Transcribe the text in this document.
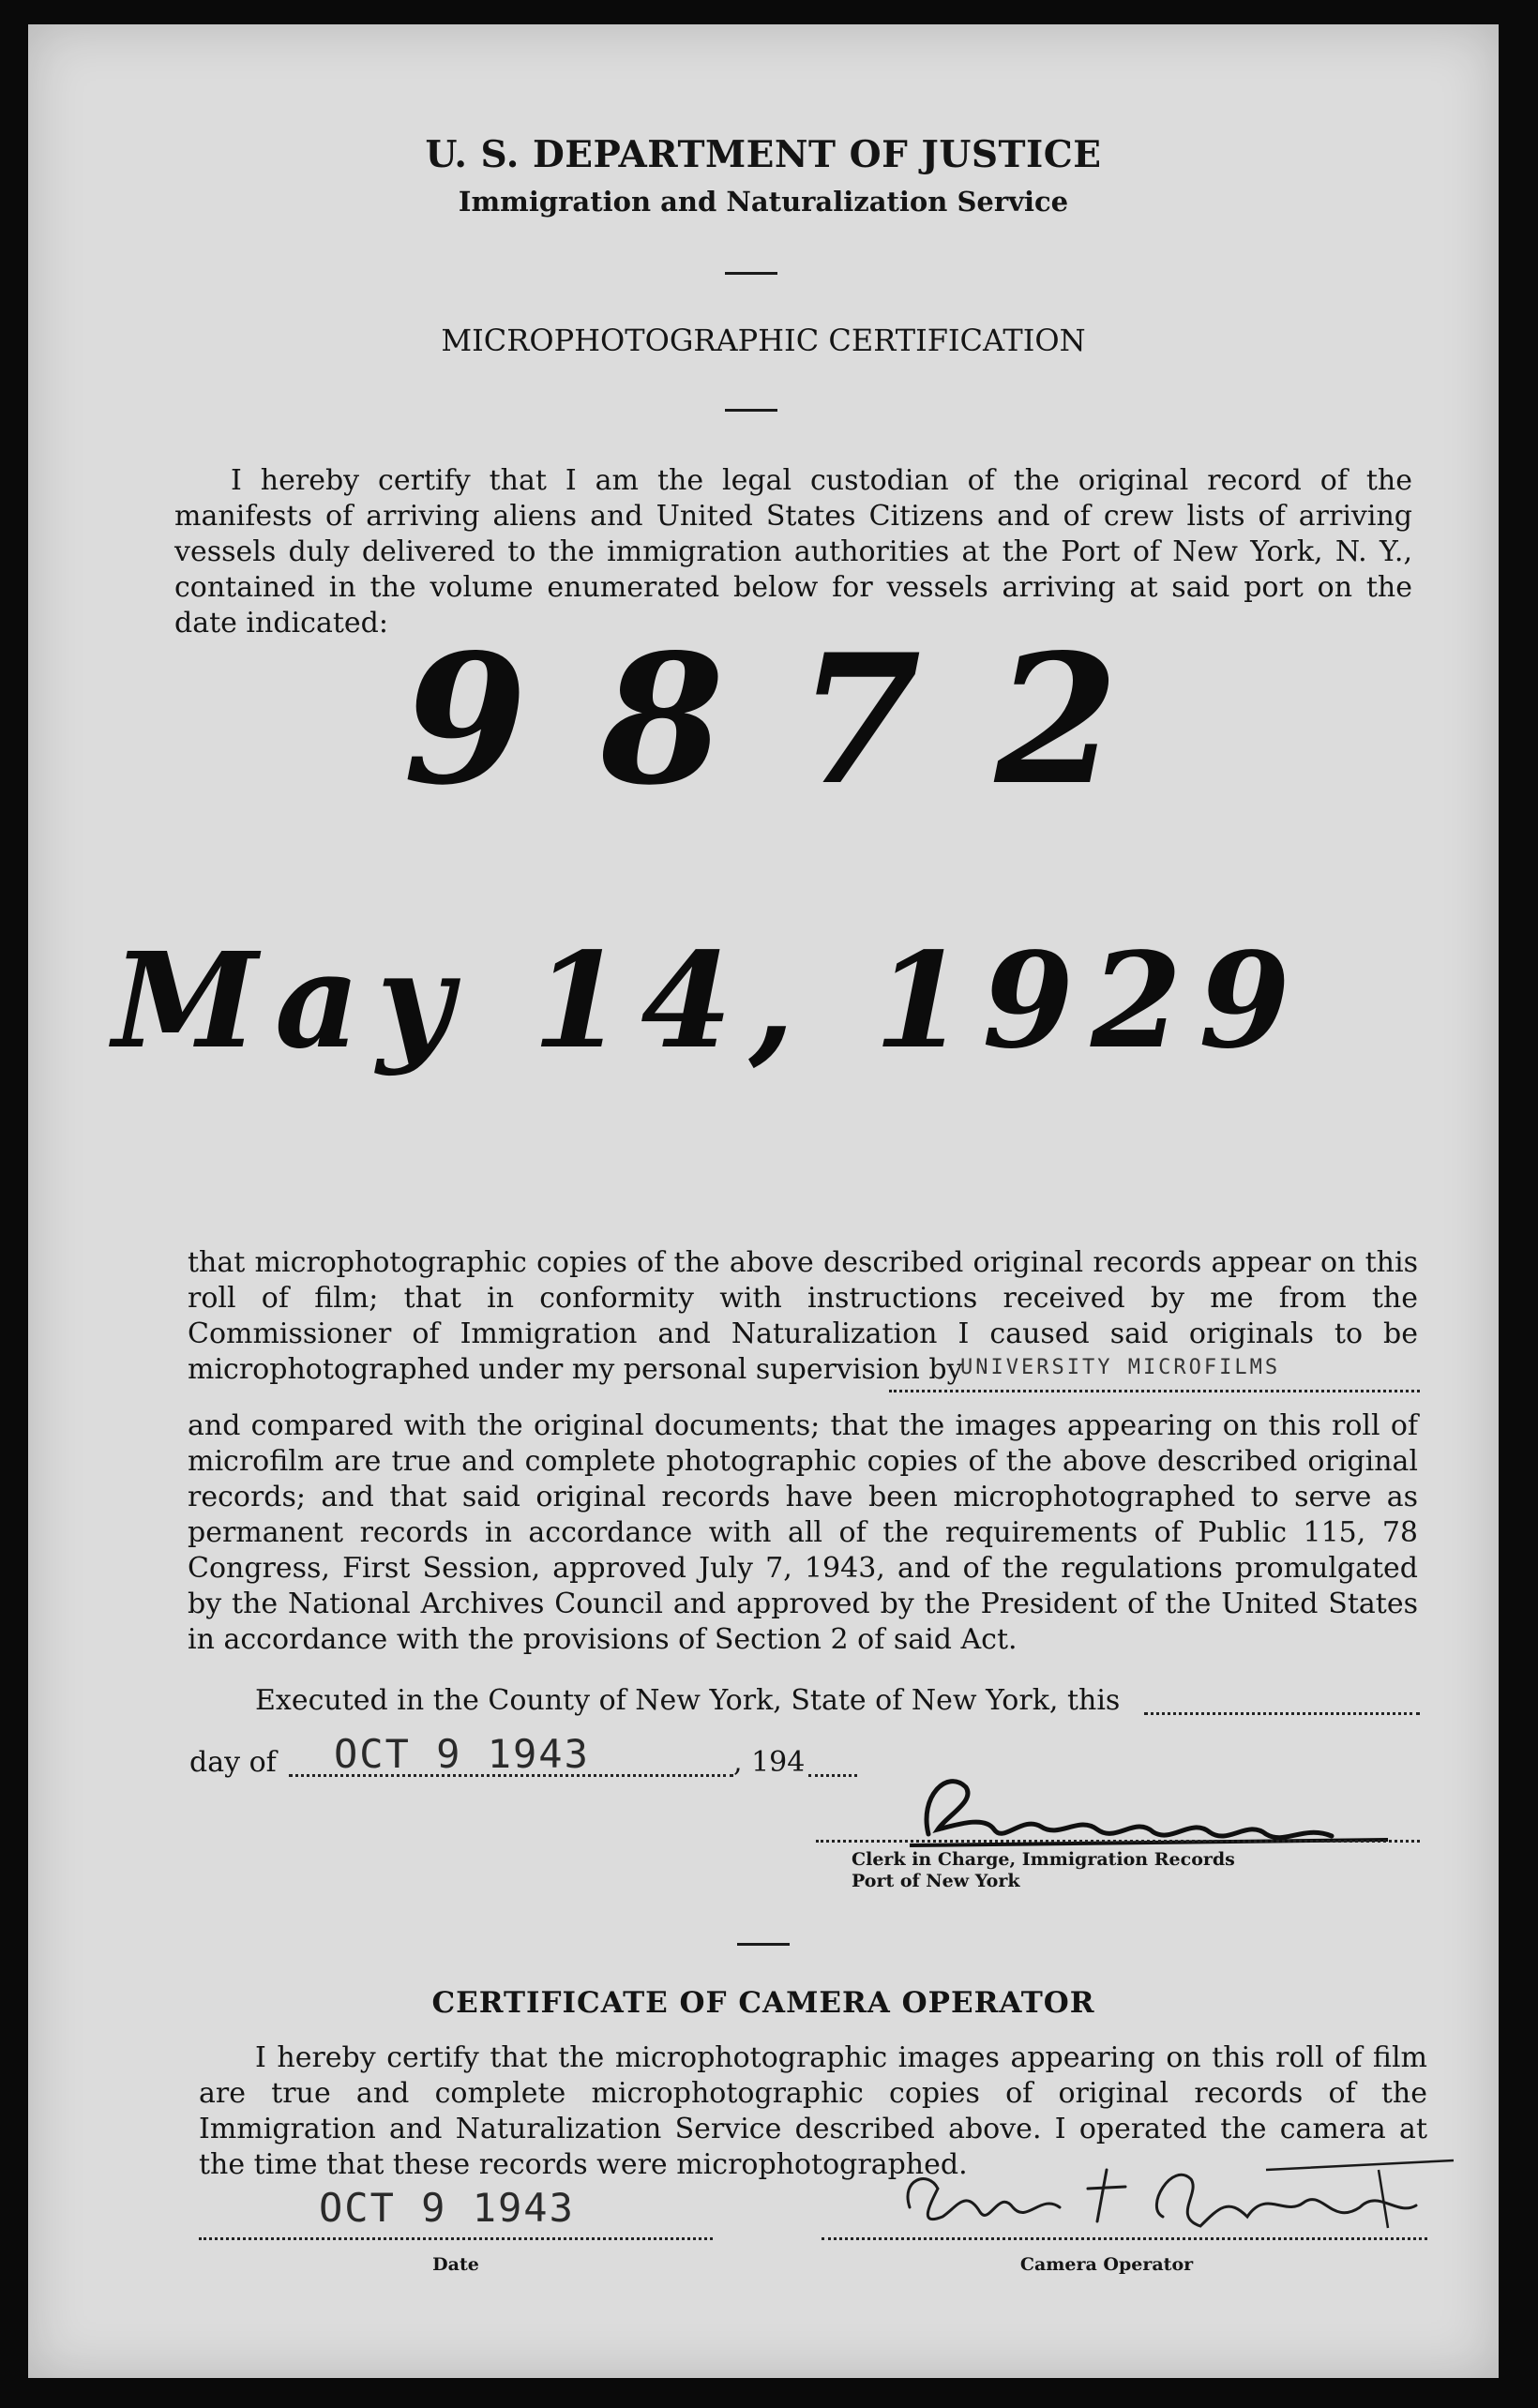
U. S. DEPARTMENT OF JUSTICE
Immigration and Naturalization Service
MICROPHOTOGRAPHIC CERTIFICATION

I hereby certify that I am the legal custodian of the original record of the manifests of arriving aliens and United States Citizens and of crew lists of arriving vessels duly delivered to the immigration authorities at the Port of New York, N. Y., contained in the volume enumerated below for vessels arriving at said port on the date indicated: 9872
May 14, 1929
that microphotographic copies of the above described original records appear on this roll of film; that in conformity with instructions received by me from the Commissioner of Immigration and Naturalization I caused said originals to be microphotographed under my personal supervision by
UNIVERSITY MICROFILMS
and compared with the original documents; that the images appearing on this roll of microfilm are true and complete photographic copies of the above described original records; and that said original records have been microphotographed to serve as permanent records in accordance with all of the requirements of Public 115, 78 Congress, First Session, approved July 7, 1943, and of the regulations promulgated by the National Archives Council and approved by the President of the United States in accordance with the provisions of Section 2 of said Act.
Executed in the County of New York, State of New York, this
day of OCT 9 1943	, 194
Clerk in Charge, Immigration Records
Port of New York
CERTIFICATE OF CAMERA OPERATOR
I hereby certify that the microphotographic images appearing on this roll of film are true and complete microphotographic copies of original records of the Immigration and Naturalization Service described above. I operated the camera at the time that these records were microphotographed.
OCT 9 1943
Date	Camera Operator
